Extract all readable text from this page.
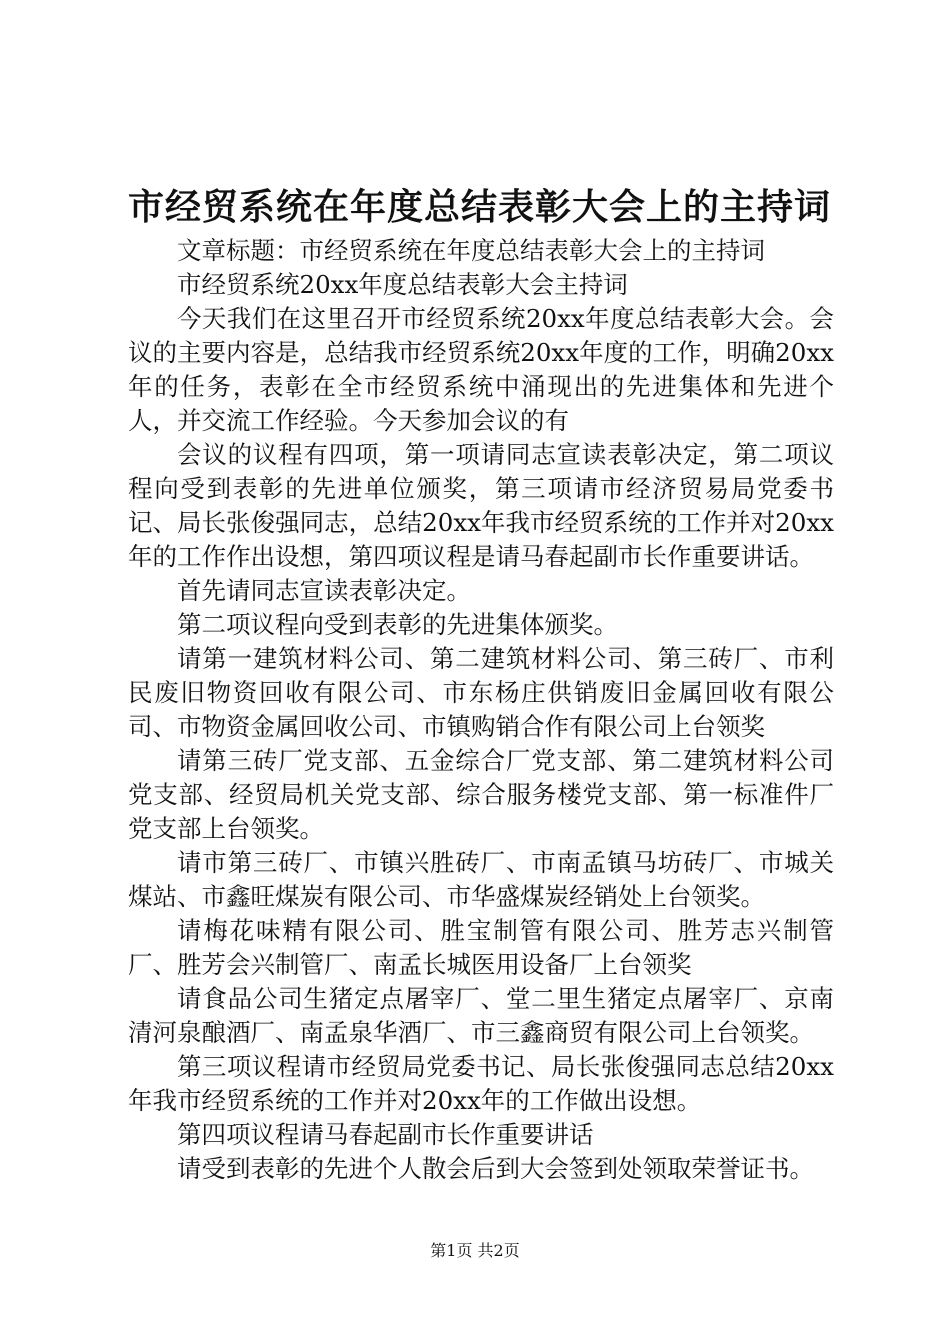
市经贸系统在年度总结表彰大会上的主持词

文章标题：市经贸系统在年度总结表彰大会上的主持词

市经贸系统20xx年度总结表彰大会主持词

今天我们在这里召开市经贸系统20xx年度总结表彰大会。会议的主要内容是，总结我市经贸系统20xx年度的工作，明确20xx年的任务，表彰在全市经贸系统中涌现出的先进集体和先进个人，并交流工作经验。今天参加会议的有

会议的议程有四项，第一项请同志宣读表彰决定，第二项议程向受到表彰的先进单位颁奖，第三项请市经济贸易局党委书记、局长张俊强同志，总结20xx年我市经贸系统的工作并对20xx年的工作作出设想，第四项议程是请马春起副市长作重要讲话。

首先请同志宣读表彰决定。

第二项议程向受到表彰的先进集体颁奖。

请第一建筑材料公司、第二建筑材料公司、第三砖厂、市利民废旧物资回收有限公司、市东杨庄供销废旧金属回收有限公司、市物资金属回收公司、市镇购销合作有限公司上台领奖

请第三砖厂党支部、五金综合厂党支部、第二建筑材料公司党支部、经贸局机关党支部、综合服务楼党支部、第一标准件厂党支部上台领奖。

请市第三砖厂、市镇兴胜砖厂、市南孟镇马坊砖厂、市城关煤站、市鑫旺煤炭有限公司、市华盛煤炭经销处上台领奖。

请梅花味精有限公司、胜宝制管有限公司、胜芳志兴制管厂、胜芳会兴制管厂、南孟长城医用设备厂上台领奖

请食品公司生猪定点屠宰厂、堂二里生猪定点屠宰厂、京南清河泉酿酒厂、南孟泉华酒厂、市三鑫商贸有限公司上台领奖。

第三项议程请市经贸局党委书记、局长张俊强同志总结20xx年我市经贸系统的工作并对20xx年的工作做出设想。

第四项议程请马春起副市长作重要讲话

请受到表彰的先进个人散会后到大会签到处领取荣誉证书。

第1页 共2页
